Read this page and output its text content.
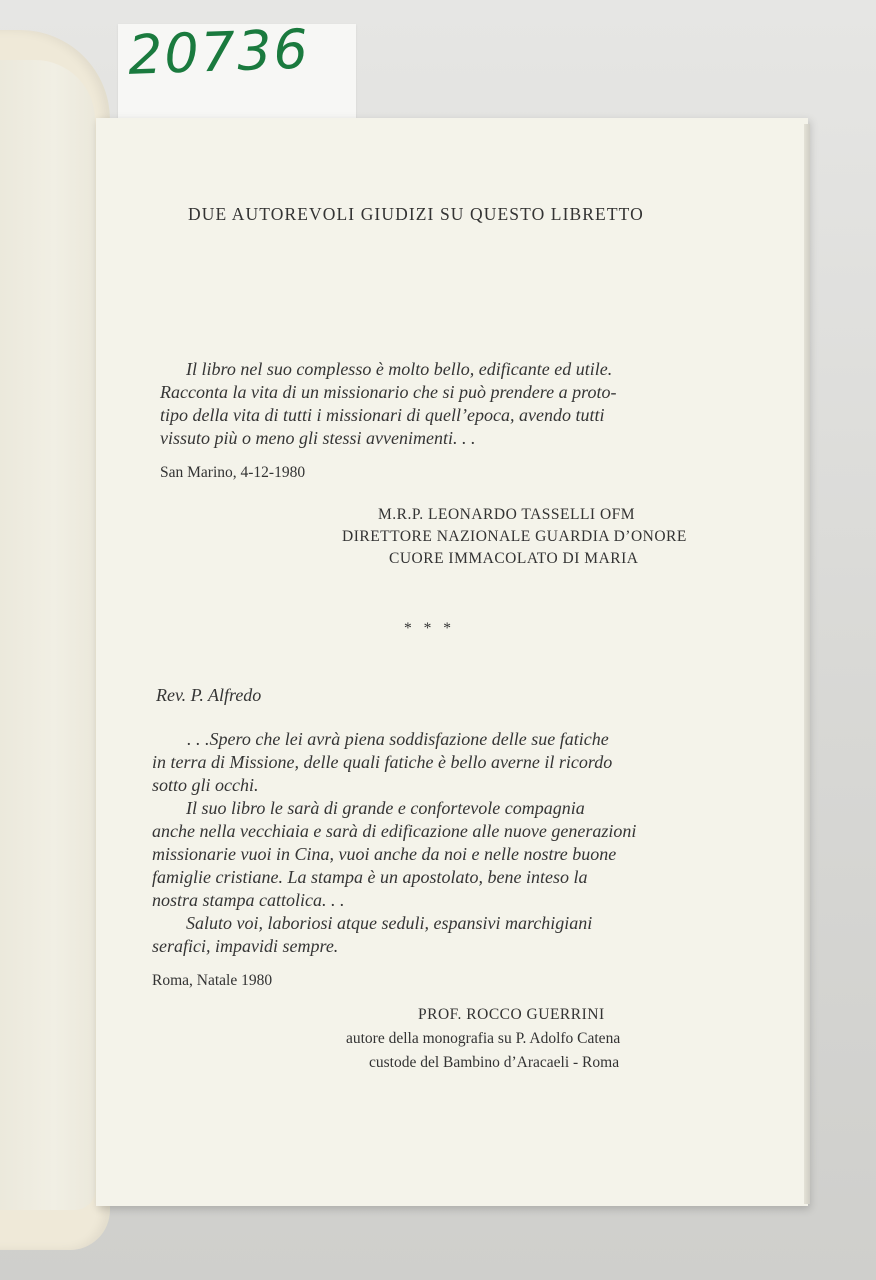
20736
DUE AUTOREVOLI GIUDIZI SU QUESTO LIBRETTO
Il libro nel suo complesso è molto bello, edificante ed utile.
Racconta la vita di un missionario che si può prendere a proto-
tipo della vita di tutti i missionari di quell’epoca, avendo tutti
vissuto più o meno gli stessi avvenimenti. . .
San Marino, 4-12-1980
M.R.P. LEONARDO TASSELLI OFM
DIRETTORE NAZIONALE GUARDIA D’ONORE
CUORE IMMACOLATO DI MARIA
* * *
Rev. P. Alfredo
. . .Spero che lei avrà piena soddisfazione delle sue fatiche
in terra di Missione, delle quali fatiche è bello averne il ricordo
sotto gli occhi.
Il suo libro le sarà di grande e confortevole compagnia
anche nella vecchiaia e sarà di edificazione alle nuove generazioni
missionarie vuoi in Cina, vuoi anche da noi e nelle nostre buone
famiglie cristiane. La stampa è un apostolato, bene inteso la
nostra stampa cattolica. . .
Saluto voi, laboriosi atque seduli, espansivi marchigiani
serafici, impavidi sempre.
Roma, Natale 1980
PROF. ROCCO GUERRINI
autore della monografia su P. Adolfo Catena
custode del Bambino d’Aracaeli - Roma
